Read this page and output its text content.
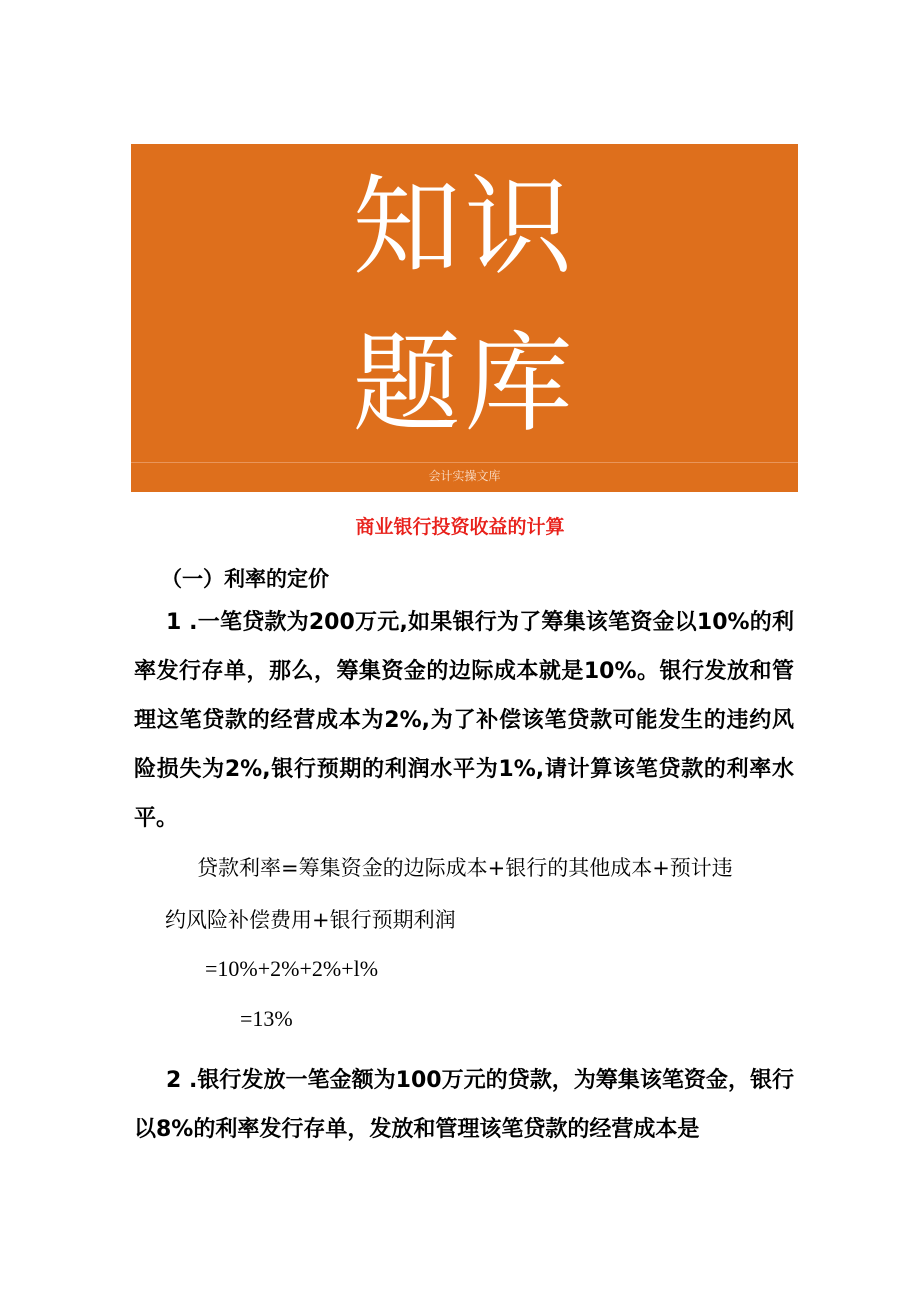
知识
题库
会计实操文库
商业银行投资收益的计算
（一）利率的定价
1 .一笔贷款为200万元,如果银行为了筹集该笔资金以10%的利率发行存单，那么，筹集资金的边际成本就是10%。银行发放和管理这笔贷款的经营成本为2%,为了补偿该笔贷款可能发生的违约风险损失为2%,银行预期的利润水平为1%,请计算该笔贷款的利率水平。
贷款利率=筹集资金的边际成本+银行的其他成本+预计违
约风险补偿费用+银行预期利润
=10%+2%+2%+l%
=13%
2 .银行发放一笔金额为100万元的贷款，为筹集该笔资金，银行以8%的利率发行存单，发放和管理该笔贷款的经营成本是
